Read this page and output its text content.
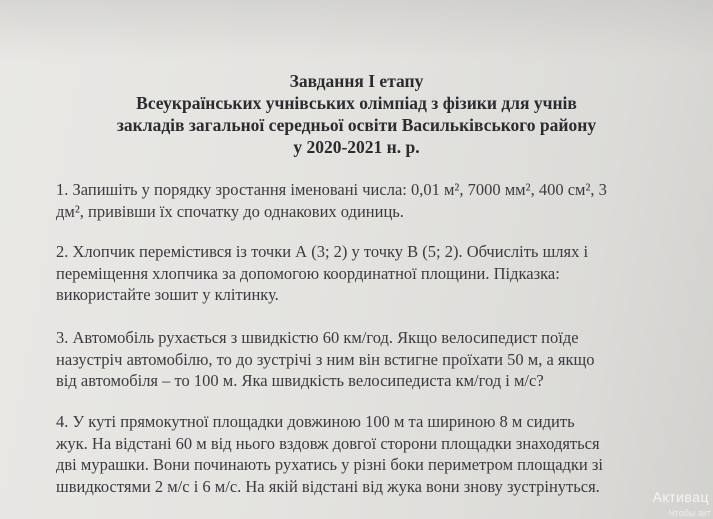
Завдання І етапу
Всеукраїнських учнівських олімпіад з фізики для учнів
закладів загальної середньої освіти Васильківського району
у 2020-2021 н. р.
1. Запишіть у порядку зростання іменовані числа: 0,01 м², 7000 мм², 400 см², 3
дм², привівши їх спочатку до однакових одиниць.
2. Хлопчик перемістився із точки А (3; 2) у точку В (5; 2). Обчисліть шлях і
переміщення хлопчика за допомогою координатної площини. Підказка:
використайте зошит у клітинку.
3. Автомобіль рухається з швидкістю 60 км/год. Якщо велосипедист поїде
назустріч автомобілю, то до зустрічі з ним він встигне проїхати 50 м, а якщо
від автомобіля – то 100 м. Яка швидкість велосипедиста км/год і м/с?
4. У куті прямокутної площадки довжиною 100 м та шириною 8 м сидить
жук. На відстані 60 м від нього вздовж довгої сторони площадки знаходяться
дві мурашки. Вони починають рухатись у різні боки периметром площадки зі
швидкостями 2 м/с і 6 м/с. На якій відстані від жука вони знову зустрінуться.
Активац
Чтобы акт
